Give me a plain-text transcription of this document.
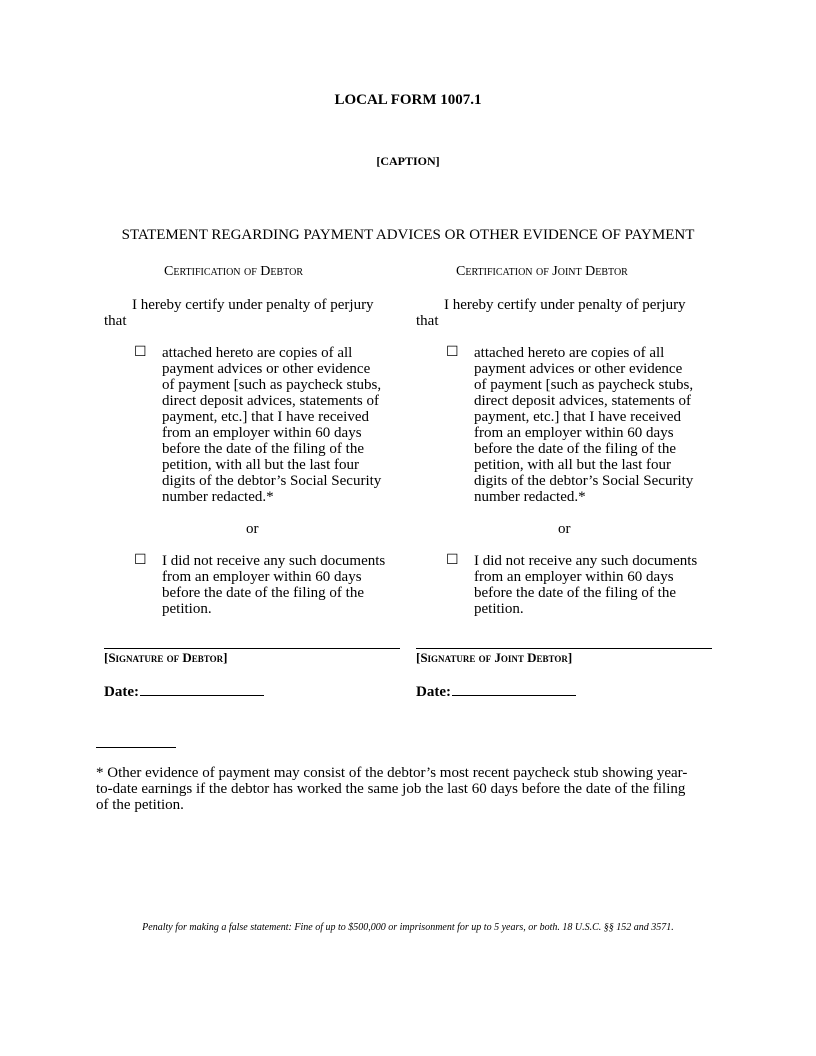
LOCAL FORM 1007.1
[CAPTION]
STATEMENT REGARDING PAYMENT ADVICES OR OTHER EVIDENCE OF PAYMENT
Certification of Debtor
I hereby certify under penalty of perjury
that
☐ attached hereto are copies of all
payment advices or other evidence
of payment [such as paycheck stubs,
direct deposit advices, statements of
payment, etc.] that I have received
from an employer within 60 days
before the date of the filing of the
petition, with all but the last four
digits of the debtor’s Social Security
number redacted.*
or
☐ I did not receive any such documents
from an employer within 60 days
before the date of the filing of the
petition.
[Signature of Debtor]
Date:
Certification of Joint Debtor
I hereby certify under penalty of perjury
that
☐ attached hereto are copies of all
payment advices or other evidence
of payment [such as paycheck stubs,
direct deposit advices, statements of
payment, etc.] that I have received
from an employer within 60 days
before the date of the filing of the
petition, with all but the last four
digits of the debtor’s Social Security
number redacted.*
or
☐ I did not receive any such documents
from an employer within 60 days
before the date of the filing of the
petition.
[Signature of Joint Debtor]
Date:
* Other evidence of payment may consist of the debtor’s most recent paycheck stub showing year-
to-date earnings if the debtor has worked the same job the last 60 days before the date of the filing
of the petition.
Penalty for making a false statement: Fine of up to $500,000 or imprisonment for up to 5 years, or both. 18 U.S.C. §§ 152 and 3571.
